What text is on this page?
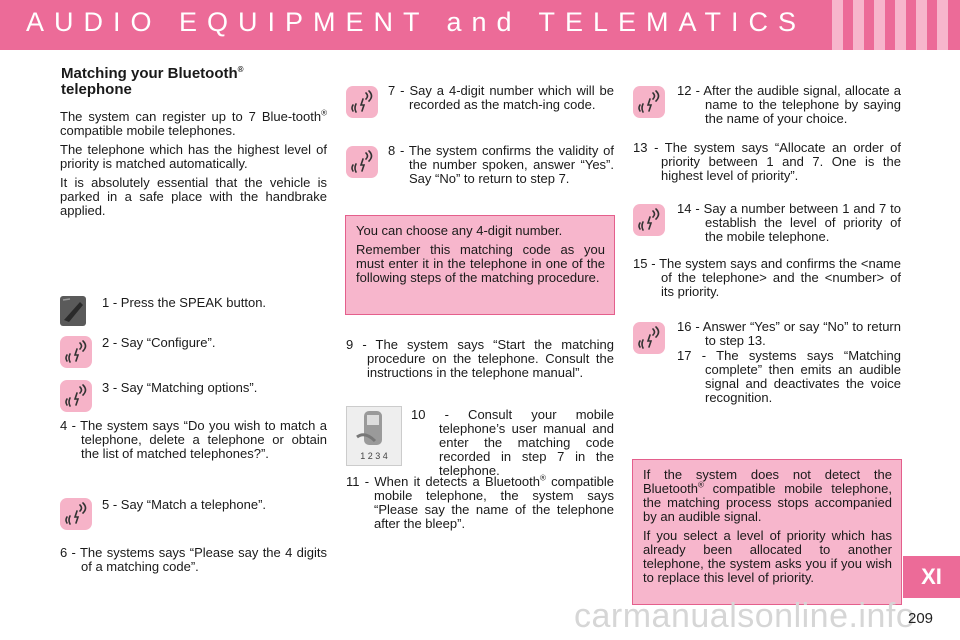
AUDIO EQUIPMENT and TELEMATICS
Matching your Bluetooth®
telephone

The system can register up to 7 Blue-tooth® compatible mobile telephones.

The telephone which has the highest level of priority is matched automatically.

It is absolutely essential that the vehicle is parked in a safe place with the handbrake applied.

1 - Press the SPEAK button.
2 - Say “Configure”.
3 - Say “Matching options”.
4 - The system says “Do you wish to match a telephone, delete a telephone or obtain the list of matched telephones?”.
5 - Say “Match a telephone”.
6 - The systems says “Please say the 4 digits of a matching code”.
7 - Say a 4-digit number which will be recorded as the match-ing code.
8 - The system confirms the validity of the number spoken, answer “Yes”. Say “No” to return to step 7.

You can choose any 4-digit number.

Remember this matching code as you must enter it in the telephone in one of the following steps of the matching procedure.

9 - The system says “Start the matching procedure on the telephone. Consult the instructions in the telephone manual”.
1 2 3 4
10 - Consult your mobile telephone’s user manual and enter the matching code recorded in step 7 in the telephone.
11 - When it detects a Bluetooth® compatible mobile telephone, the system says “Please say the name of the telephone after the bleep”.
12 - After the audible signal, allocate a name to the telephone by saying the name of your choice.
13 - The system says “Allocate an order of priority between 1 and 7. One is the highest level of priority”.
14 - Say a number between 1 and 7 to establish the level of priority of the mobile telephone.
15 - The system says and confirms the <name of the telephone> and the <number> of its priority.
16 - Answer “Yes” or say “No” to return to step 13.
17 - The systems says “Matching complete” then emits an audible signal and deactivates the voice recognition.

If the system does not detect the Bluetooth® compatible mobile telephone, the matching process stops accompanied by an audible signal.

If you select a level of priority which has already been allocated to another telephone, the system asks you if you wish to replace this level of priority.	XI
carmanualsonline.info
209
